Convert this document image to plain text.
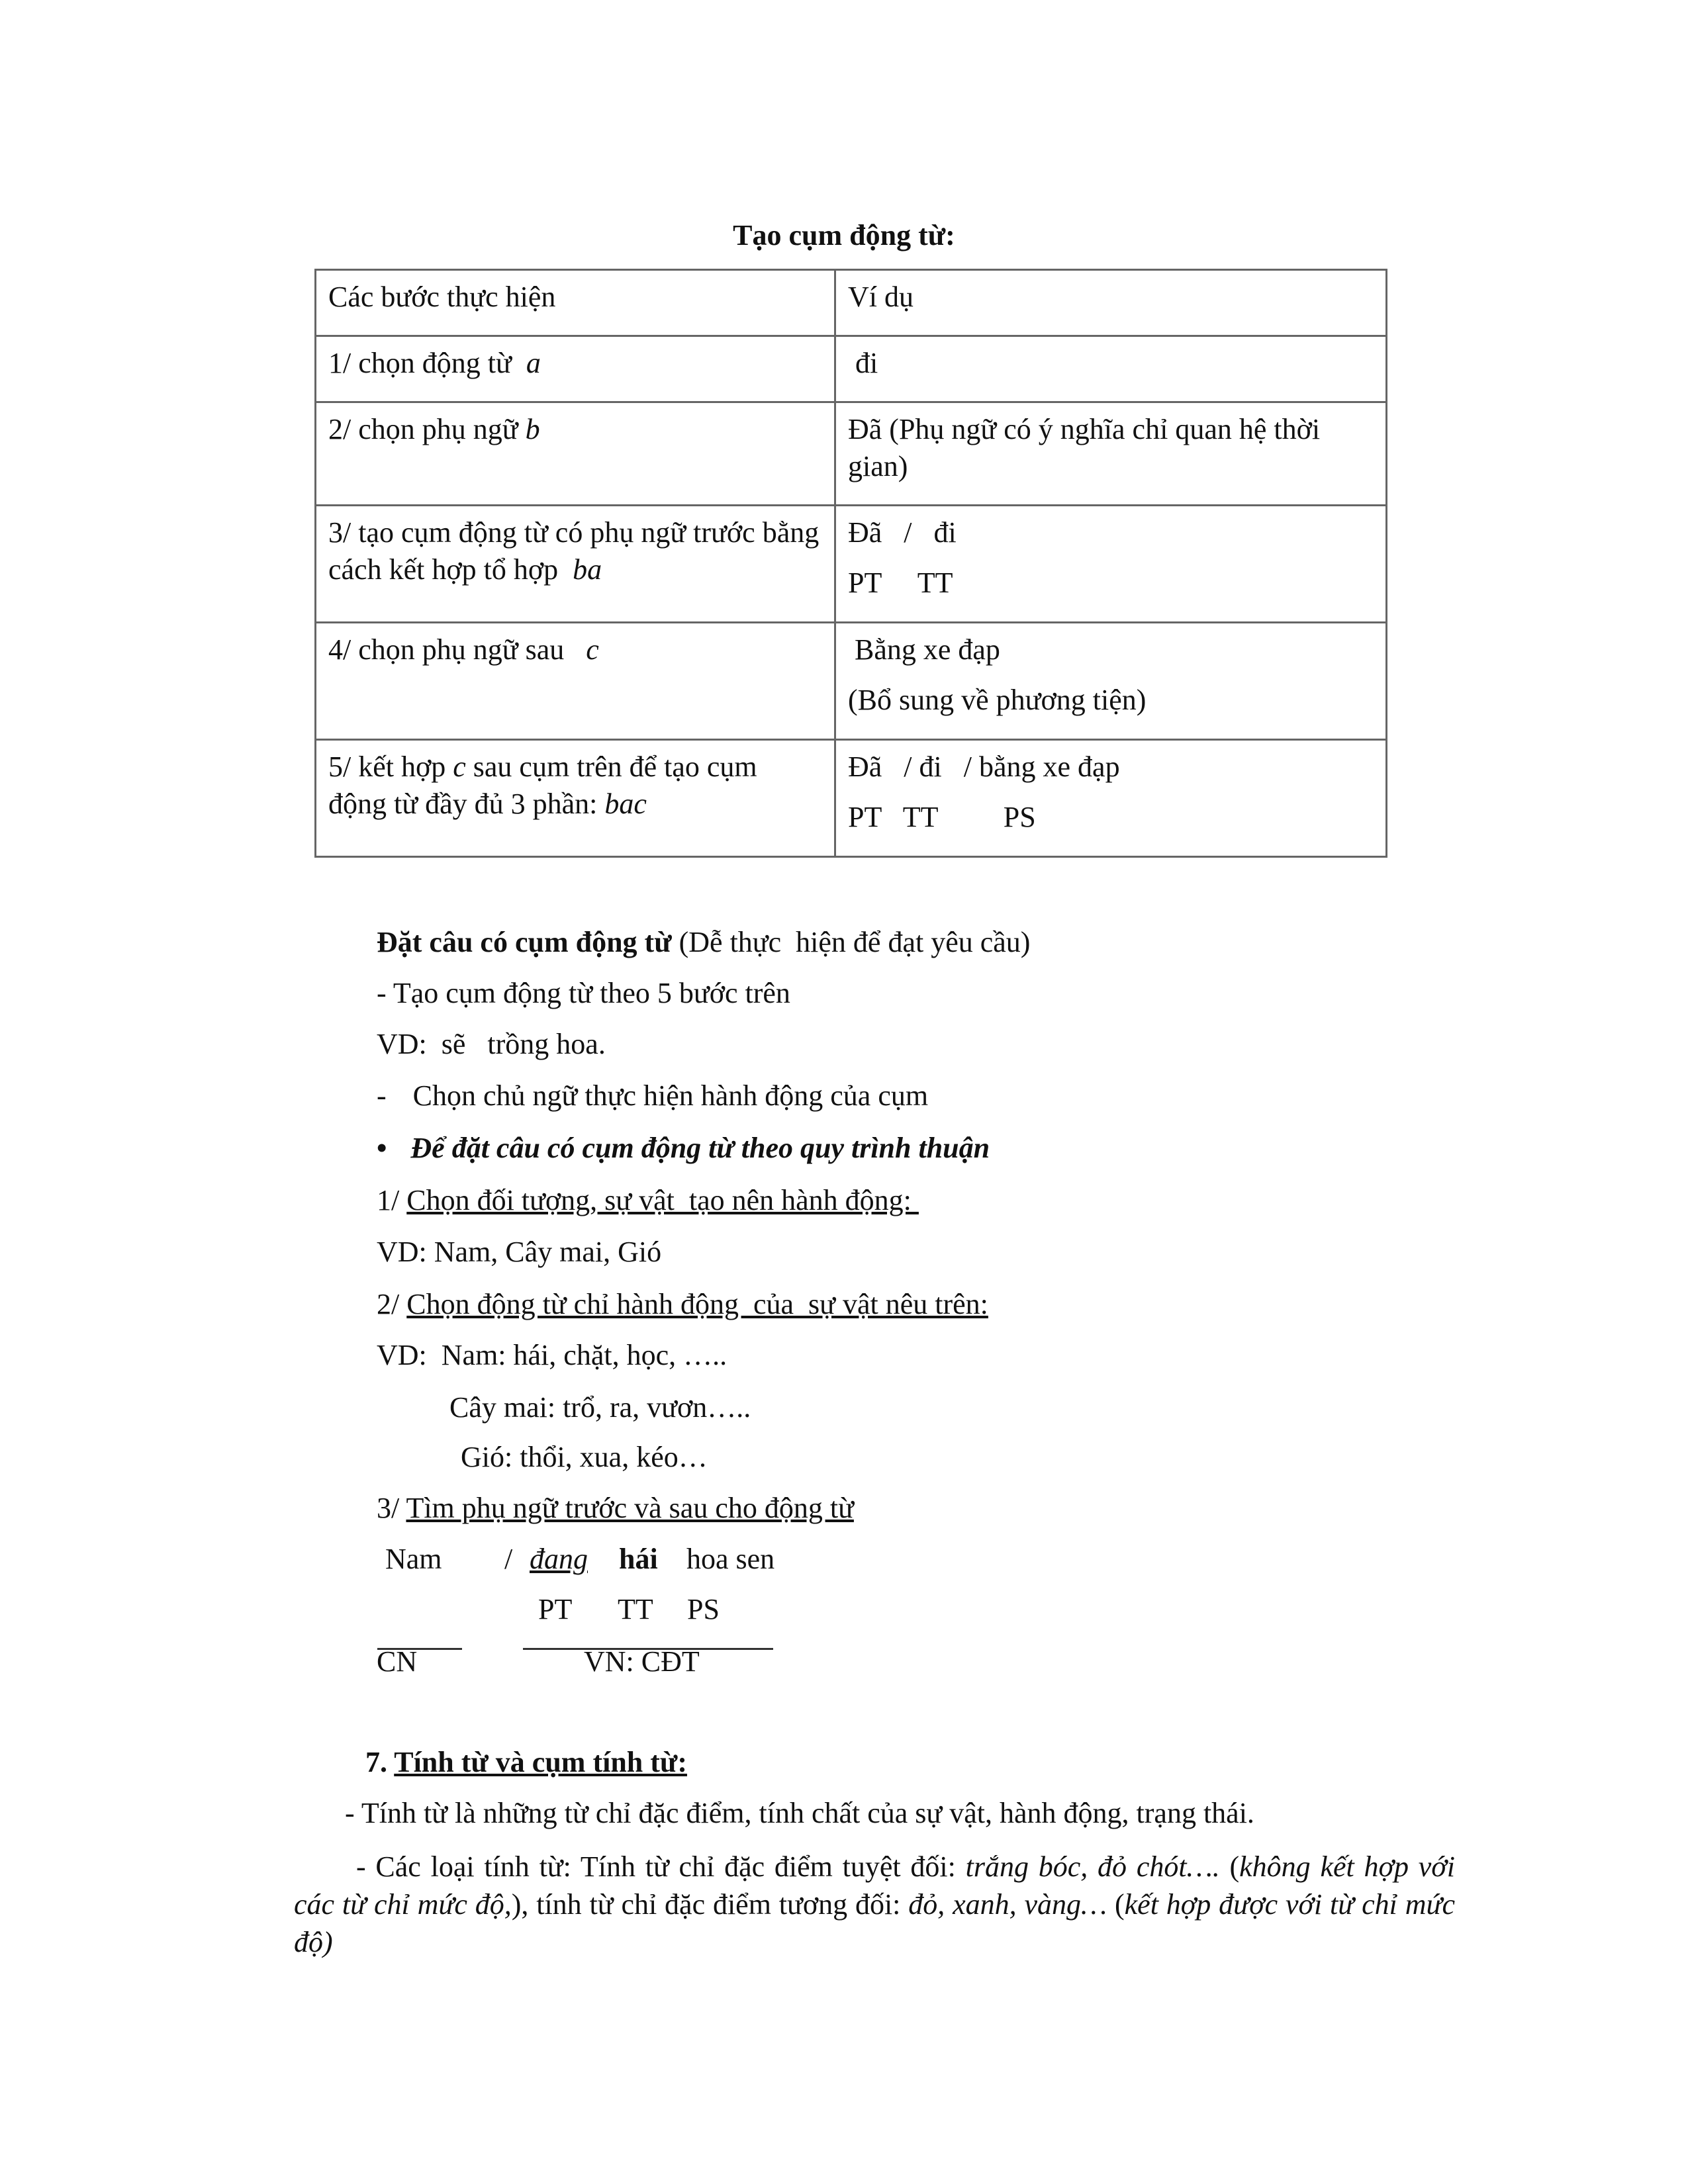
Tạo cụm động từ:
Các bước thực hiện	Ví dụ
1/ chọn động từ a	đi
2/ chọn phụ ngữ b	Đã (Phụ ngữ có ý nghĩa chỉ quan hệ thời gian)
3/ tạo cụm động từ có phụ ngữ trước bằng cách kết hợp tổ hợp ba	Đã   /   đi
PT     TT

4/ chọn phụ ngữ sau c	Bằng xe đạp
(Bổ sung về phương tiện)

5/ kết hợp c sau cụm trên để tạo cụm động từ đầy đủ 3 phần: bac	Đã   / đi   / bằng xe đạp
PT   TT         PS
Đặt câu có cụm động từ (Dễ thực  hiện để đạt yêu cầu)
- Tạo cụm động từ theo 5 bước trên
VD:  sẽ   trồng hoa.
- Chọn chủ ngữ thực hiện hành động của cụm
• Để đặt câu có cụm động từ theo quy trình thuận
1/ Chọn đối tượng, sự vật  tạo nên hành động:
VD: Nam, Cây mai, Gió
2/ Chọn động từ chỉ hành động  của  sự vật nêu trên:
VD:  Nam: hái, chặt, học, …..
Cây mai: trổ, ra, vươn…..
Gió: thổi, xua, kéo…
3/ Tìm phụ ngữ trước và sau cho động từ
Nam / đang hái hoa sen
PT TT PS
CN	VN: CĐT
7. Tính từ và cụm tính từ:
- Tính từ là những từ chỉ đặc điểm, tính chất của sự vật, hành động, trạng thái.
- Các loại tính từ: Tính từ chỉ đặc điểm tuyệt đối: trắng bóc, đỏ chót…. (không kết hợp với các từ chỉ mức độ,), tính từ chỉ đặc điểm tương đối: đỏ, xanh, vàng… (kết hợp được với từ chỉ mức độ)
